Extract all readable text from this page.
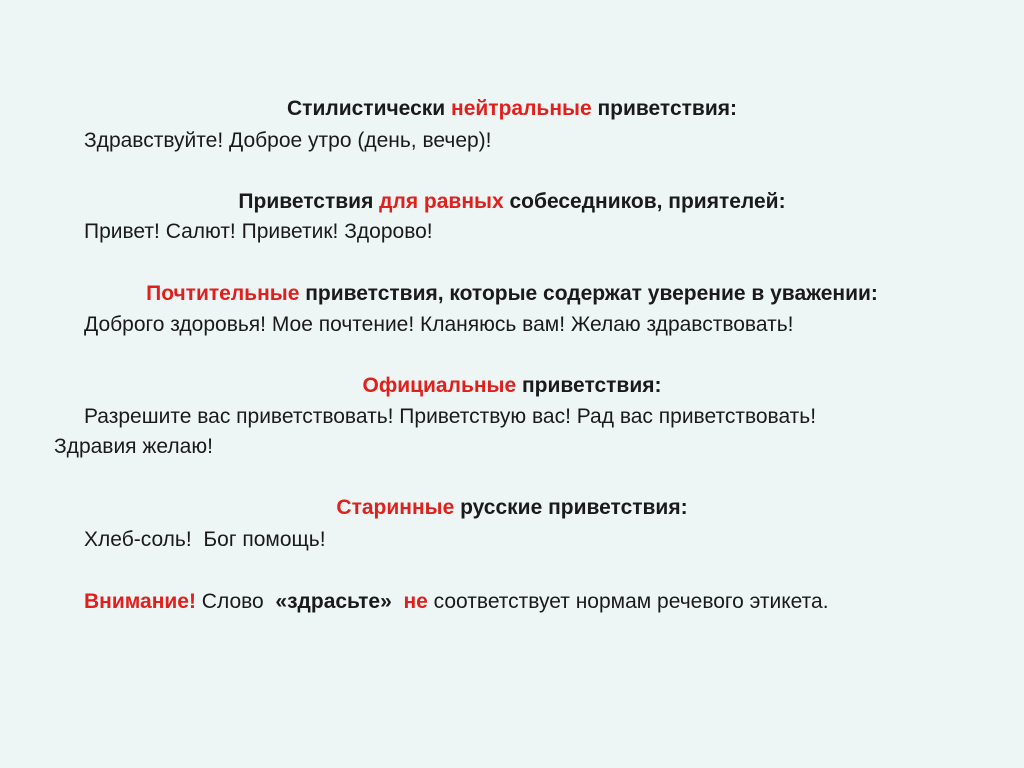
Стилистически нейтральные приветствия:
Здравствуйте! Доброе утро (день, вечер)!
Приветствия для равных собеседников, приятелей:
Привет! Салют! Приветик! Здорово!
Почтительные приветствия, которые содержат уверение в уважении:
Доброго здоровья! Мое почтение! Кланяюсь вам! Желаю здравствовать!
Официальные приветствия:
Разрешите вас приветствовать! Приветствую вас! Рад вас приветствовать!
Здравия желаю!
Старинные русские приветствия:
Хлеб-соль!  Бог помощь!
Внимание! Слово  «здрасьте» не соответствует нормам речевого этикета.
